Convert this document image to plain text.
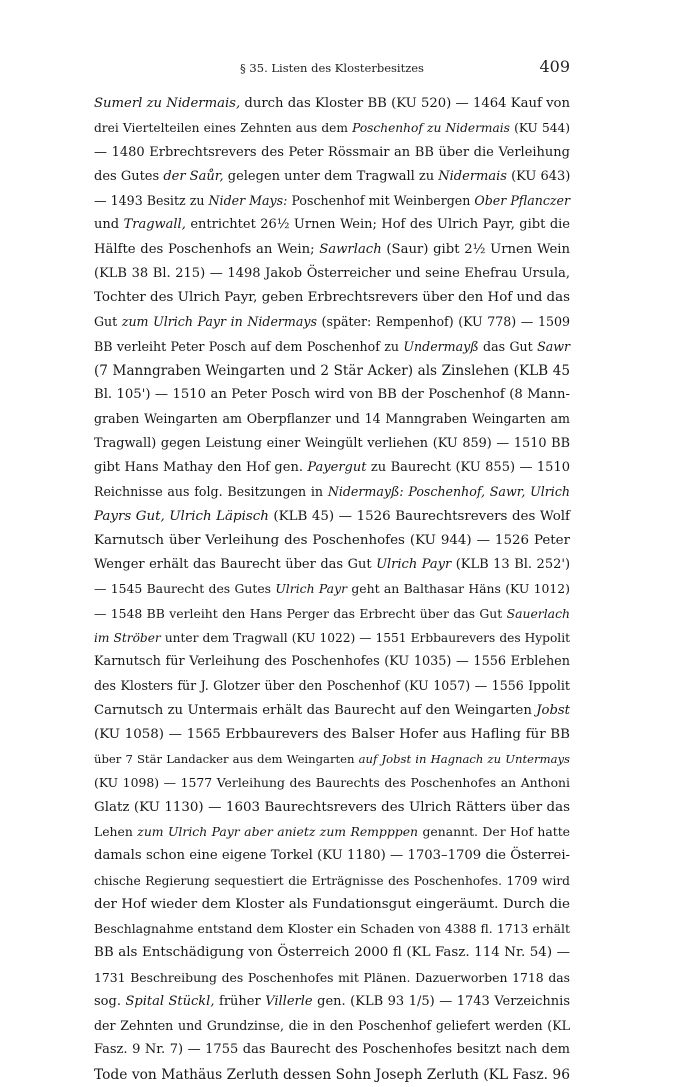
§ 35. Listen des Klosterbesitzes	409
Sumerl zu Nidermais, durch das Kloster BB (KU 520) — 1464 Kauf von
drei Viertelteilen eines Zehnten aus dem Poschenhof zu Nidermais (KU 544)
— 1480 Erbrechtsrevers des Peter Rössmair an BB über die Verleihung
des Gutes der Saůr, gelegen unter dem Tragwall zu Nidermais (KU 643)
— 1493 Besitz zu Nider Mays: Poschenhof mit Weinbergen Ober Pflanczer
und Tragwall, entrichtet 26½ Urnen Wein; Hof des Ulrich Payr, gibt die
Hälfte des Poschenhofs an Wein; Sawrlach (Saur) gibt 2½ Urnen Wein
(KLB 38 Bl. 215) — 1498 Jakob Österreicher und seine Ehefrau Ursula,
Tochter des Ulrich Payr, geben Erbrechtsrevers über den Hof und das
Gut zum Ulrich Payr in Nidermays (später: Rempenhof) (KU 778) — 1509
BB verleiht Peter Posch auf dem Poschenhof zu Undermayß das Gut Sawr
(7 Manngraben Weingarten und 2 Stär Acker) als Zinslehen (KLB 45
Bl. 105') — 1510 an Peter Posch wird von BB der Poschenhof (8 Mann-
graben Weingarten am Oberpflanzer und 14 Manngraben Weingarten am
Tragwall) gegen Leistung einer Weingült verliehen (KU 859) — 1510 BB
gibt Hans Mathay den Hof gen. Payergut zu Baurecht (KU 855) — 1510
Reichnisse aus folg. Besitzungen in Nidermayß: Poschenhof, Sawr, Ulrich
Payrs Gut, Ulrich Läpisch (KLB 45) — 1526 Baurechtsrevers des Wolf
Karnutsch über Verleihung des Poschenhofes (KU 944) — 1526 Peter
Wenger erhält das Baurecht über das Gut Ulrich Payr (KLB 13 Bl. 252')
— 1545 Baurecht des Gutes Ulrich Payr geht an Balthasar Häns (KU 1012)
— 1548 BB verleiht den Hans Perger das Erbrecht über das Gut Sauerlach
im Ströber unter dem Tragwall (KU 1022) — 1551 Erbbaurevers des Hypolit
Karnutsch für Verleihung des Poschenhofes (KU 1035) — 1556 Erblehen
des Klosters für J. Glotzer über den Poschenhof (KU 1057) — 1556 Ippolit
Carnutsch zu Untermais erhält das Baurecht auf den Weingarten Jobst
(KU 1058) — 1565 Erbbaurevers des Balser Hofer aus Hafling für BB
über 7 Stär Landacker aus dem Weingarten auf Jobst in Hagnach zu Untermays
(KU 1098) — 1577 Verleihung des Baurechts des Poschenhofes an Anthoni
Glatz (KU 1130) — 1603 Baurechtsrevers des Ulrich Rätters über das
Lehen zum Ulrich Payr aber anietz zum Rempppen genannt. Der Hof hatte
damals schon eine eigene Torkel (KU 1180) — 1703–1709 die Österrei-
chische Regierung sequestiert die Erträgnisse des Poschenhofes. 1709 wird
der Hof wieder dem Kloster als Fundationsgut eingeräumt. Durch die
Beschlagnahme entstand dem Kloster ein Schaden von 4388 fl. 1713 erhält
BB als Entschädigung von Österreich 2000 fl (KL Fasz. 114 Nr. 54) —
1731 Beschreibung des Poschenhofes mit Plänen. Dazuerworben 1718 das
sog. Spital Stückl, früher Villerle gen. (KLB 93 1/5) — 1743 Verzeichnis
der Zehnten und Grundzinse, die in den Poschenhof geliefert werden (KL
Fasz. 9 Nr. 7) — 1755 das Baurecht des Poschenhofes besitzt nach dem
Tode von Mathäus Zerluth dessen Sohn Joseph Zerluth (KL Fasz. 96
